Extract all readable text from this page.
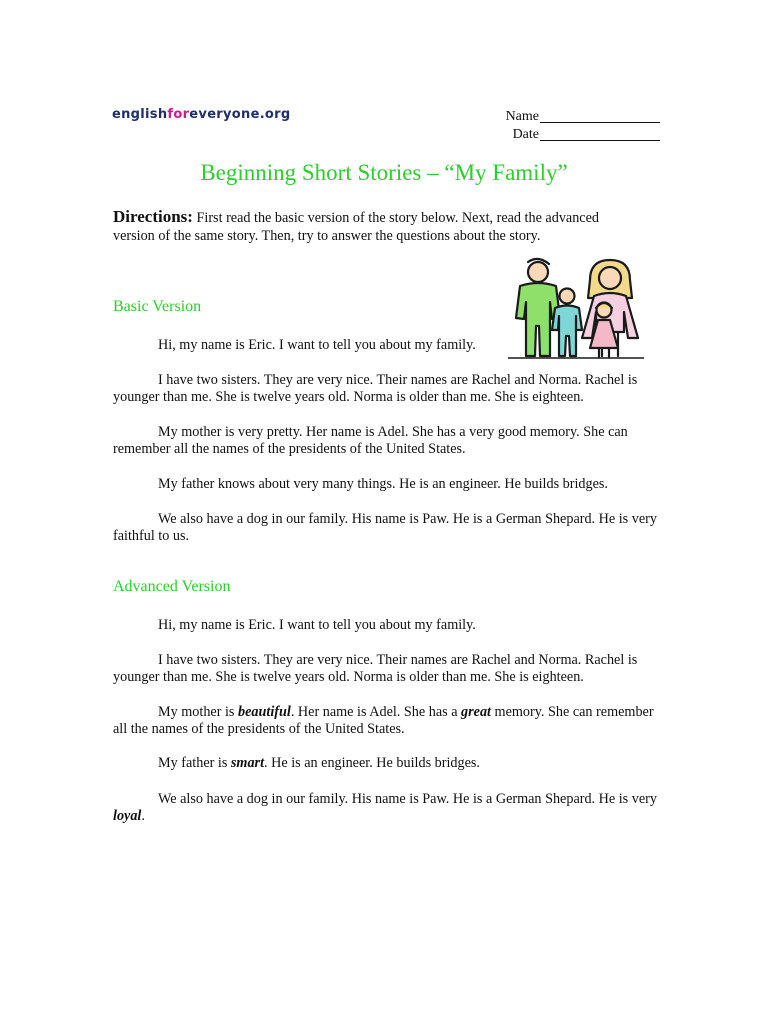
englishforeveryone.org	Name
Date
Beginning Short Stories – “My Family”
Directions: First read the basic version of the story below. Next, read the advanced version of the same story. Then, try to answer the questions about the story.
Basic Version
Hi, my name is Eric. I want to tell you about my family.
I have two sisters. They are very nice. Their names are Rachel and Norma. Rachel is younger than me. She is twelve years old. Norma is older than me. She is eighteen.
My mother is very pretty. Her name is Adel. She has a very good memory. She can remember all the names of the presidents of the United States.
My father knows about very many things. He is an engineer. He builds bridges.
We also have a dog in our family. His name is Paw. He is a German Shepard. He is very faithful to us.
Advanced Version
Hi, my name is Eric. I want to tell you about my family.
I have two sisters. They are very nice. Their names are Rachel and Norma. Rachel is younger than me. She is twelve years old. Norma is older than me. She is eighteen.
My mother is beautiful. Her name is Adel. She has a great memory. She can remember all the names of the presidents of the United States.
My father is smart. He is an engineer. He builds bridges.
We also have a dog in our family. His name is Paw. He is a German Shepard. He is very loyal.
